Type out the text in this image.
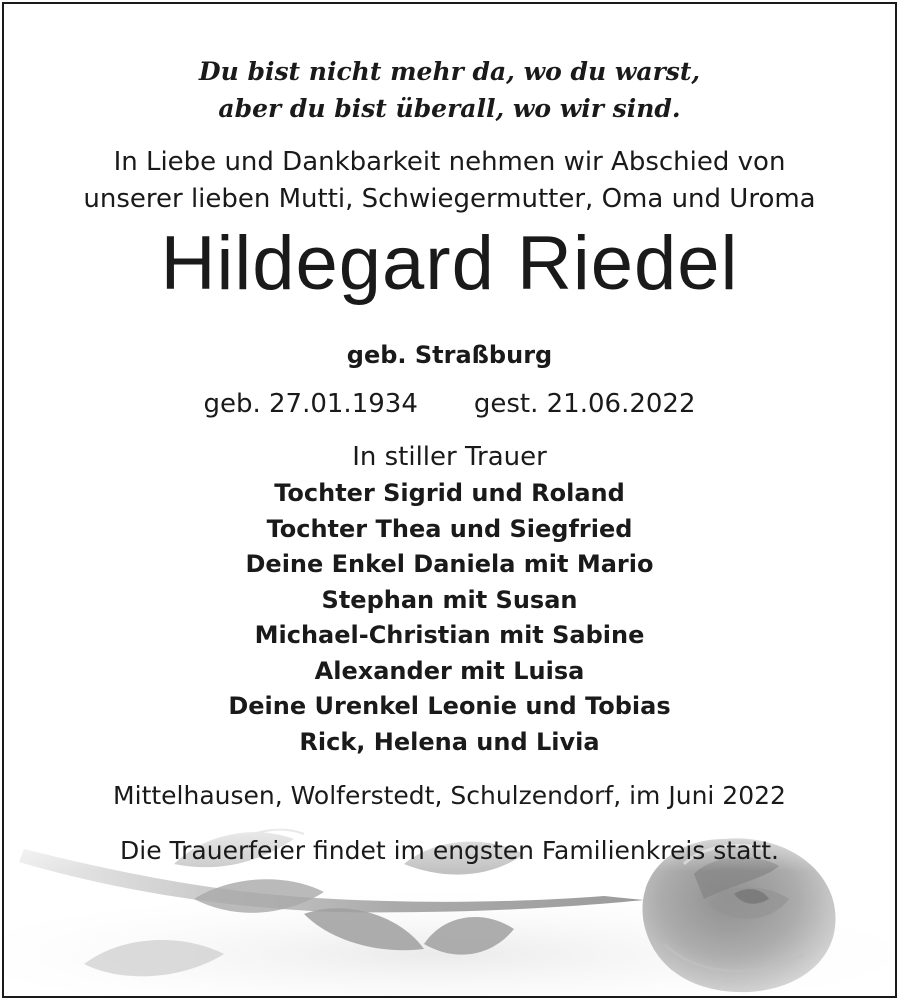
Du bist nicht mehr da, wo du warst,
aber du bist überall, wo wir sind.
In Liebe und Dankbarkeit nehmen wir Abschied von
unserer lieben Mutti, Schwiegermutter, Oma und Uroma
Hildegard Riedel
geb. Straßburg
geb. 27.01.1934 gest. 21.06.2022
In stiller Trauer
Tochter Sigrid und Roland
Tochter Thea und Siegfried
Deine Enkel Daniela mit Mario
Stephan mit Susan
Michael-Christian mit Sabine
Alexander mit Luisa
Deine Urenkel Leonie und Tobias
Rick, Helena und Livia
Mittelhausen, Wolferstedt, Schulzendorf, im Juni 2022
Die Trauerfeier findet im engsten Familienkreis statt.
